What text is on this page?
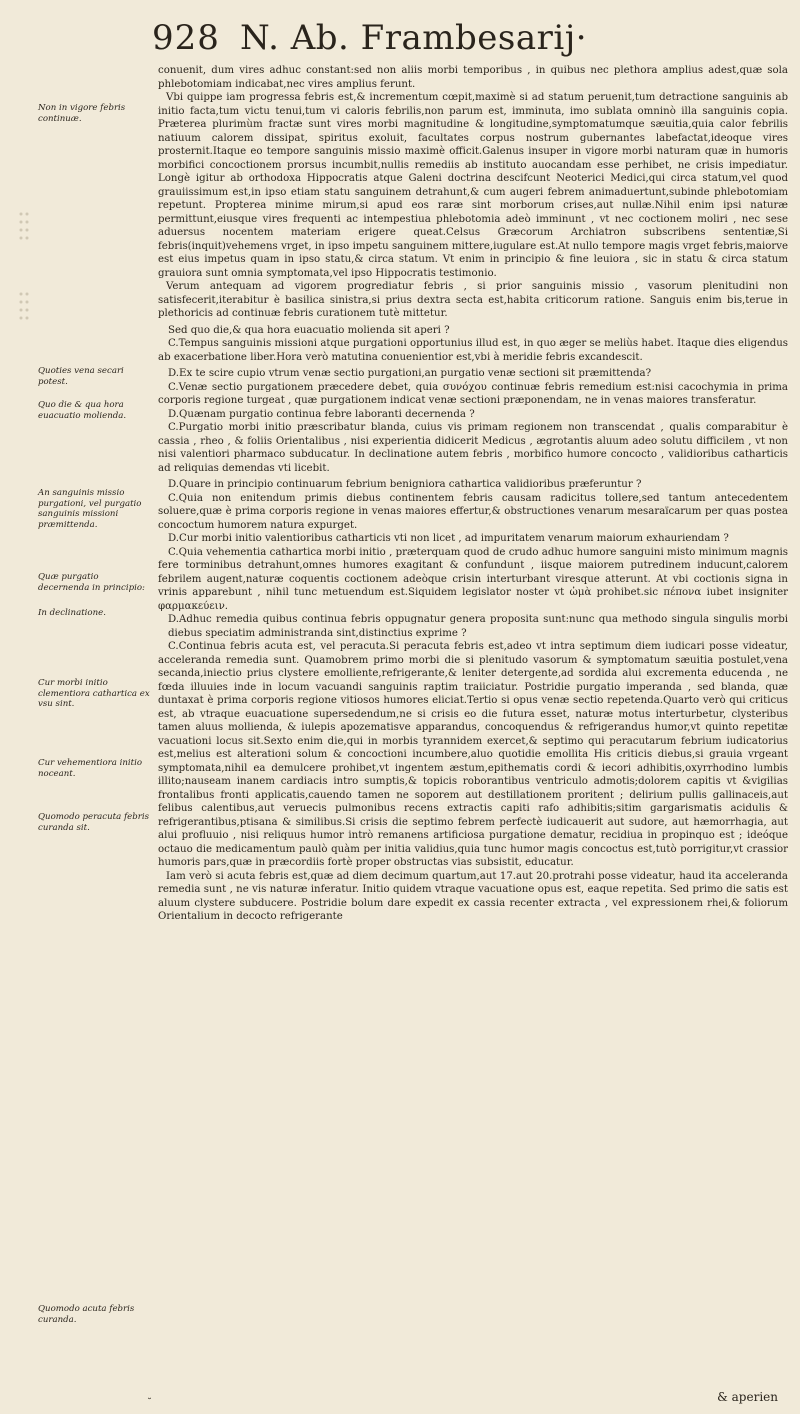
928 N. Ab. Frambesarij·
Non in vigore febris continuæ.
Quoties vena secari potest.
Quo die & qua hora euacuatio molienda.
An sanguinis missio purgationi, vel purgatio sanguinis missioni præmittenda.
Quæ purgatio decernenda in principio:
In declinatione.
Cur morbi initio clementiora cathartica ex vsu sint.
Cur vehementiora initio noceant.
Quomodo peracuta febris curanda sit.
Quomodo acuta febris curanda.

conuenit, dum vires adhuc constant:sed non aliis morbi temporibus , in quibus nec plethora amplius adest,quæ sola phlebotomiam indicabat,nec vires amplius ferunt.

Vbi quippe iam progressa febris est,& incrementum cœpit,maximè si ad statum peruenit,tum detractione sanguinis ab initio facta,tum victu tenui,tum vi caloris febrilis,non parum est, imminuta, imo sublata omninò illa sanguinis copia. Præterea plurimùm fractæ sunt vires morbi magnitudine & longitudine,symptomatumque sæuitia,quia calor febrilis natiuum calorem dissipat, spiritus exoluit, facultates corpus nostrum gubernantes labefactat,ideoque vires prosternit.Itaque eo tempore sanguinis missio maximè officit.Galenus insuper in vigore morbi naturam quæ in humoris morbifici concoctionem prorsus incumbit,nullis remediis ab instituto auocandam esse perhibet, ne crisis impediatur. Longè igitur ab orthodoxa Hippocratis atque Galeni doctrina descifcunt Neoterici Medici,qui circa statum,vel quod grauiissimum est,in ipso etiam statu sanguinem detrahunt,& cum augeri febrem animaduertunt,subinde phlebotomiam repetunt. Propterea minime mirum,si apud eos raræ sint morborum crises,aut nullæ.Nihil enim ipsi naturæ permittunt,eiusque vires frequenti ac intempestiua phlebotomia adeò imminunt , vt nec coctionem moliri , nec sese aduersus nocentem materiam erigere queat.Celsus Græcorum Archiatron subscribens sententiæ,Si febris(inquit)vehemens vrget, in ipso impetu sanguinem mittere,iugulare est.At nullo tempore magis vrget febris,maiorve est eius impetus quam in ipso statu,& circa statum. Vt enim in principio & fine leuiora , sic in statu & circa statum grauiora sunt omnia symptomata,vel ipso Hippocratis testimonio.

Verum antequam ad vigorem progrediatur febris , si prior sanguinis missio , vasorum plenitudini non satisfecerit,iterabitur è basilica sinistra,si prius dextra secta est,habita criticorum ratione. Sanguis enim bis,terue in plethoricis ad continuæ febris curationem tutè mittetur.

Sed quo die,& qua hora euacuatio molienda sit aperi ?

C.Tempus sanguinis missioni atque purgationi opportunius illud est, in quo æger se meliùs habet. Itaque dies eligendus ab exacerbatione liber.Hora verò matutina conuenientior est,vbi à meridie febris excandescit.

D.Ex te scire cupio vtrum venæ sectio purgationi,an purgatio venæ sectioni sit præmittenda?

C.Venæ sectio purgationem præcedere debet, quia συνόχου continuæ febris remedium est:nisi cacochymia in prima corporis regione turgeat , quæ purgationem indicat venæ sectioni præponendam, ne in venas maiores transferatur.

D.Quænam purgatio continua febre laboranti decernenda ?

C.Purgatio morbi initio præscribatur blanda, cuius vis primam regionem non transcendat , qualis comparabitur è cassia , rheo , & foliis Orientalibus , nisi experientia didicerit Medicus , ægrotantis aluum adeo solutu difficilem , vt non nisi valentiori pharmaco subducatur. In declinatione autem febris , morbifico humore concocto , validioribus catharticis ad reliquias demendas vti licebit.

D.Quare in principio continuarum febrium benigniora cathartica validioribus præferuntur ?

C.Quia non enitendum primis diebus continentem febris causam radicitus tollere,sed tantum antecedentem soluere,quæ è prima corporis regione in venas maiores effertur,& obstructiones venarum mesaraïcarum per quas postea concoctum humorem natura expurget.

D.Cur morbi initio valentioribus catharticis vti non licet , ad impuritatem venarum maiorum exhauriendam ?

C.Quia vehementia cathartica morbi initio , præterquam quod de crudo adhuc humore sanguini misto minimum magnis fere torminibus detrahunt,omnes humores exagitant & confundunt , iisque maiorem putredinem inducunt,calorem febrilem augent,naturæ coquentis coctionem adeòque crisin interturbant viresque atterunt. At vbi coctionis signa in vrinis apparebunt , nihil tunc metuendum est.Siquidem legislator noster vt ὠμὰ prohibet.sic πέπονα iubet insigniter φαρμακεύειν.

D.Adhuc remedia quibus continua febris oppugnatur genera proposita sunt:nunc qua methodo singula singulis morbi diebus speciatim administranda sint,distinctius exprime ?

C.Continua febris acuta est, vel peracuta.Si peracuta febris est,adeo vt intra septimum diem iudicari posse videatur, acceleranda remedia sunt. Quamobrem primo morbi die si plenitudo vasorum & symptomatum sæuitia postulet,vena secanda,iniectio prius clystere emolliente,refrigerante,& leniter detergente,ad sordida alui excrementa educenda , ne fœda illuuies inde in locum vacuandi sanguinis raptim traiiciatur. Postridie purgatio imperanda , sed blanda, quæ duntaxat è prima corporis regione vitiosos humores eliciat.Tertio si opus venæ sectio repetenda.Quarto verò qui criticus est, ab vtraque euacuatione supersedendum,ne si crisis eo die futura esset, naturæ motus interturbetur, clysteribus tamen aluus mollienda, & iulepis apozematisve apparandus, concoquendus & refrigerandus humor,vt quinto repetitæ vacuationi locus sit.Sexto enim die,qui in morbis tyrannidem exercet,& septimo qui peracutarum febrium iudicatorius est,melius est alterationi solum & concoctioni incumbere,aluo quotidie emollita His criticis diebus,si grauia vrgeant symptomata,nihil ea demulcere prohibet,vt ingentem æstum,epithematis cordi & iecori adhibitis,oxyrrhodino lumbis illito;nauseam inanem cardiacis intro sumptis,& topicis roborantibus ventriculo admotis;dolorem capitis vt &vigilias frontalibus fronti applicatis,cauendo tamen ne soporem aut destillationem proritent ; delirium pullis gallinaceis,aut felibus calentibus,aut veruecis pulmonibus recens extractis capiti rafo adhibitis;sitim gargarismatis acidulis & refrigerantibus,ptisana & similibus.Si crisis die septimo febrem perfectè iudicauerit aut sudore, aut hæmorrhagia, aut alui profluuio , nisi reliquus humor intrò remanens artificiosa purgatione dematur, recidiua in propinquo est ; ideóque octauo die medicamentum paulò quàm per initia validius,quia tunc humor magis concoctus est,tutò porrigitur,vt crassior humoris pars,quæ in præcordiis fortè proper obstructas vias subsistit, educatur.

Iam verò si acuta febris est,quæ ad diem decimum quartum,aut 17.aut 20.protrahi posse videatur, haud ita acceleranda remedia sunt , ne vis naturæ inferatur. Initio quidem vtraque vacuatione opus est, eaque repetita. Sed primo die satis est aluum clystere subducere. Postridie bolum dare expedit ex cassia recenter extracta , vel expressionem rhei,& foliorum Orientalium in decocto refrigerante

& aperien
˘
